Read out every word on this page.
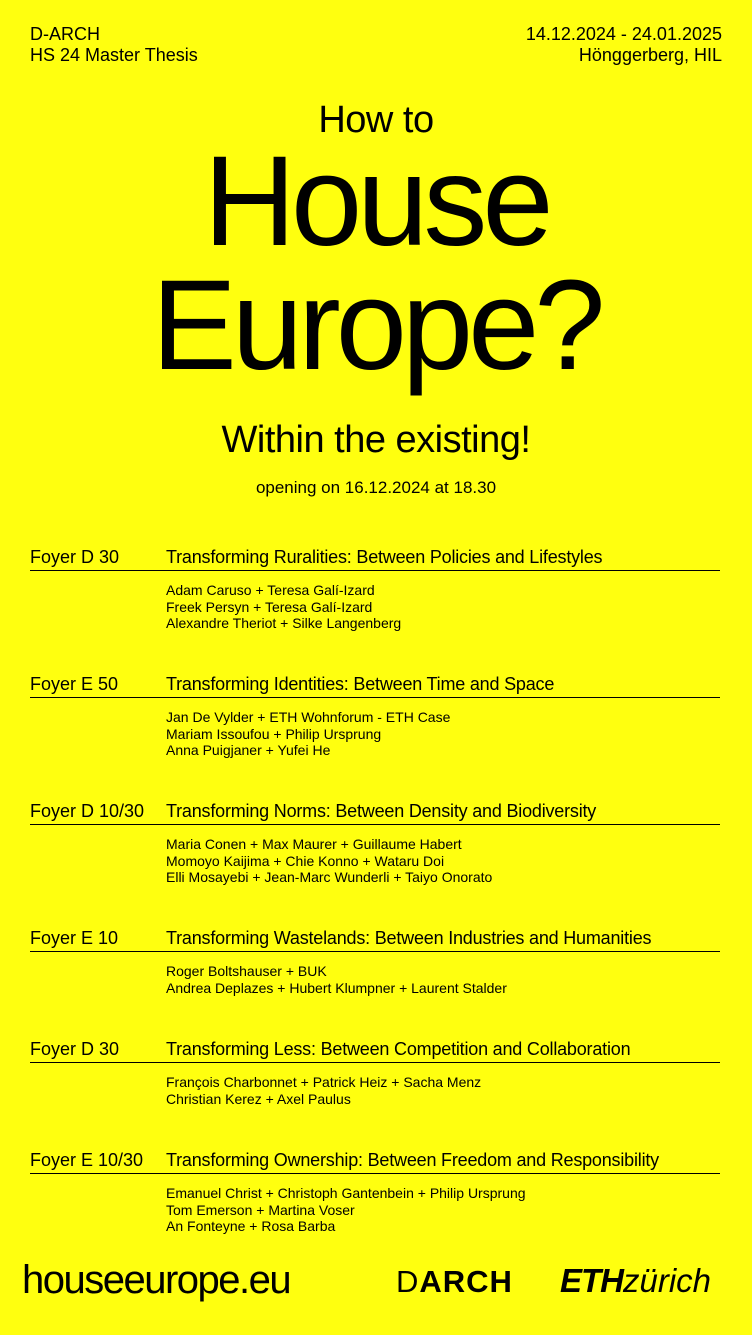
D-ARCH
HS 24 Master Thesis
14.12.2024 - 24.01.2025
Hönggerberg, HIL
How to
House
Europe?
Within the existing!
opening on 16.12.2024 at 18.30
Foyer D 30	Transforming Ruralities: Between Policies and Lifestyles
Adam Caruso + Teresa Galí-Izard
Freek Persyn + Teresa Galí-Izard
Alexandre Theriot + Silke Langenberg
Foyer E 50	Transforming Identities: Between Time and Space
Jan De Vylder + ETH Wohnforum - ETH Case
Mariam Issoufou + Philip Ursprung
Anna Puigjaner + Yufei He
Foyer D 10/30 Transforming Norms: Between Density and Biodiversity
Maria Conen + Max Maurer + Guillaume Habert
Momoyo Kaijima + Chie Konno + Wataru Doi
Elli Mosayebi + Jean-Marc Wunderli + Taiyo Onorato
Foyer E 10	Transforming Wastelands: Between Industries and Humanities
Roger Boltshauser + BUK
Andrea Deplazes + Hubert Klumpner + Laurent Stalder
Foyer D 30	Transforming Less: Between Competition and Collaboration
François Charbonnet + Patrick Heiz + Sacha Menz
Christian Kerez + Axel Paulus
Foyer E 10/30 Transforming Ownership: Between Freedom and Responsibility
Emanuel Christ + Christoph Gantenbein + Philip Ursprung
Tom Emerson + Martina Voser
An Fonteyne + Rosa Barba
houseeurope.eu	DARCH ETHzürich
